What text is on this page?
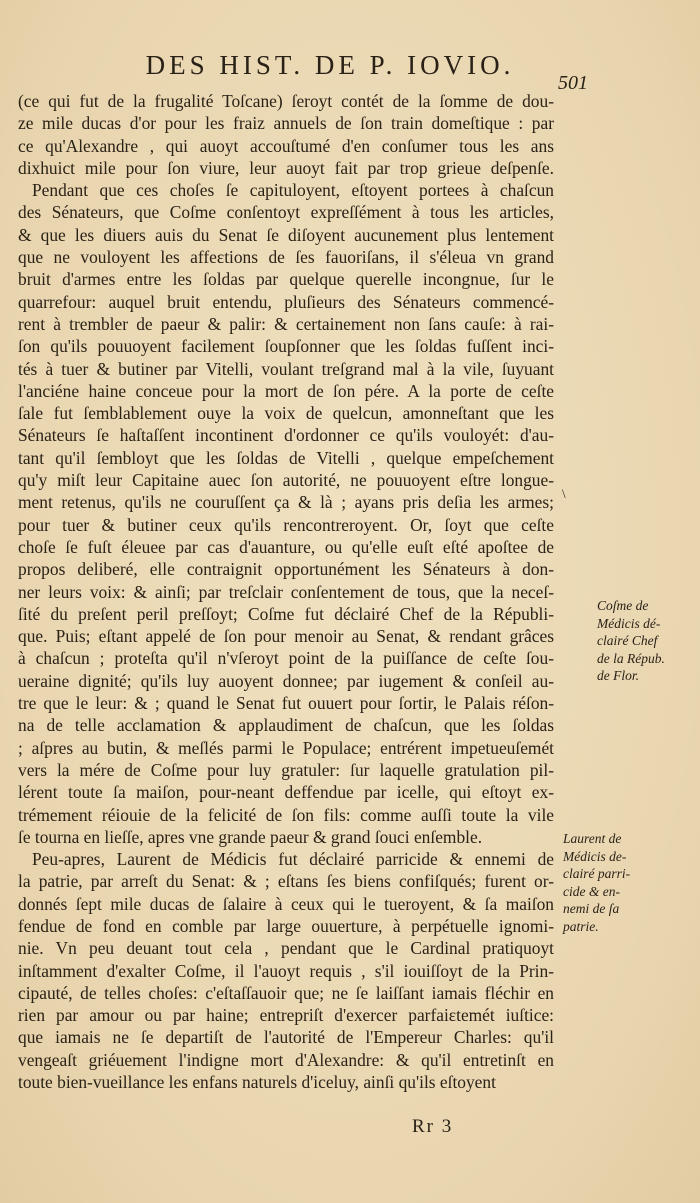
DES HIST. DE P. IOVIO.
501
(ce qui fut de la frugalité Toſcane) ſeroyt contét de la ſomme de dou-
ze mile ducas d'or pour les fraiz annuels de ſon train domeſtique : par
ce qu'Alexandre , qui auoyt accouſtumé d'en conſumer tous les ans
dixhuict mile pour ſon viure, leur auoyt fait par trop grieue deſpenſe.
Pendant que ces choſes ſe capituloyent, eſtoyent portees à chaſcun
des Sénateurs, que Coſme conſentoyt expreſſément à tous les articles,
& que les diuers auis du Senat ſe diſoyent aucunement plus lentement
que ne vouloyent les affeɛtions de ſes fauoriſans, il s'éleua vn grand
bruit d'armes entre les ſoldas par quelque querelle incongnue, ſur le
quarrefour: auquel bruit entendu, pluſieurs des Sénateurs commencé-
rent à trembler de paeur & palir: & certainement non ſans cauſe: à rai-
ſon qu'ils pouuoyent facilement ſoupſonner que les ſoldas fuſſent inci-
tés à tuer & butiner par Vitelli, voulant treſgrand mal à la vile, ſuyuant
l'anciéne haine conceue pour la mort de ſon pére. A la porte de ceſte
ſale fut ſemblablement ouye la voix de quelcun, amonneſtant que les
Sénateurs ſe haſtaſſent incontinent d'ordonner ce qu'ils vouloyét: d'au-
tant qu'il ſembloyt que les ſoldas de Vitelli , quelque empeſchement
qu'y miſt leur Capitaine auec ſon autorité, ne pouuoyent eſtre longue-
ment retenus, qu'ils ne couruſſent ça & là ; ayans pris deſia les armes;
pour tuer & butiner ceux qu'ils rencontreroyent. Or, ſoyt que ceſte
choſe ſe fuſt éleuee par cas d'auanture, ou qu'elle euſt eſté apoſtee de
propos deliberé, elle contraignit opportunément les Sénateurs à don-
ner leurs voix: & ainſi; par treſclair conſentement de tous, que la neceſ-
ſité du preſent peril preſſoyt; Coſme fut déclairé Chef de la Républi-
que. Puis; eſtant appelé de ſon pour menoir au Senat, & rendant grâces
à chaſcun ; proteſta qu'il n'vſeroyt point de la puiſſance de ceſte ſou-
ueraine dignité; qu'ils luy auoyent donnee; par iugement & conſeil au-
tre que le leur: & ; quand le Senat fut ouuert pour ſortir, le Palais réſon-
na de telle acclamation & applaudiment de chaſcun, que les ſoldas
; aſpres au butin, & meſlés parmi le Populace; entrérent impetueuſemét
vers la mére de Coſme pour luy gratuler: ſur laquelle gratulation pil-
lérent toute ſa maiſon, pour-neant deffendue par icelle, qui eſtoyt ex-
trémement réiouie de la felicité de ſon fils: comme auſſi toute la vile
ſe tourna en lieſſe, apres vne grande paeur & grand ſouci enſemble.
Peu-apres, Laurent de Médicis fut déclairé parricide & ennemi de
la patrie, par arreſt du Senat: & ; eſtans ſes biens confiſqués; furent or-
donnés ſept mile ducas de ſalaire à ceux qui le tueroyent, & ſa maiſon
fendue de fond en comble par large ouuerture, à perpétuelle ignomi-
nie. Vn peu deuant tout cela , pendant que le Cardinal pratiquoyt
inſtamment d'exalter Coſme, il l'auoyt requis , s'il iouiſſoyt de la Prin-
cipauté, de telles choſes: c'eſtaſſauoir que; ne ſe laiſſant iamais fléchir en
rien par amour ou par haine; entrepriſt d'exercer parfaiɛtemét iuſtice:
que iamais ne ſe departiſt de l'autorité de l'Empereur Charles: qu'il
vengeaſt griéuement l'indigne mort d'Alexandre: & qu'il entretinſt en
toute bien-vueillance les enfans naturels d'iceluy, ainſi qu'ils eſtoyent
Coſme de
Médicis dé-
clairé Chef
de la Répub.
de Flor.
Laurent de
Médicis de-
clairé parri-
cide & en-
nemi de ſa
patrie.
\
Rr 3
